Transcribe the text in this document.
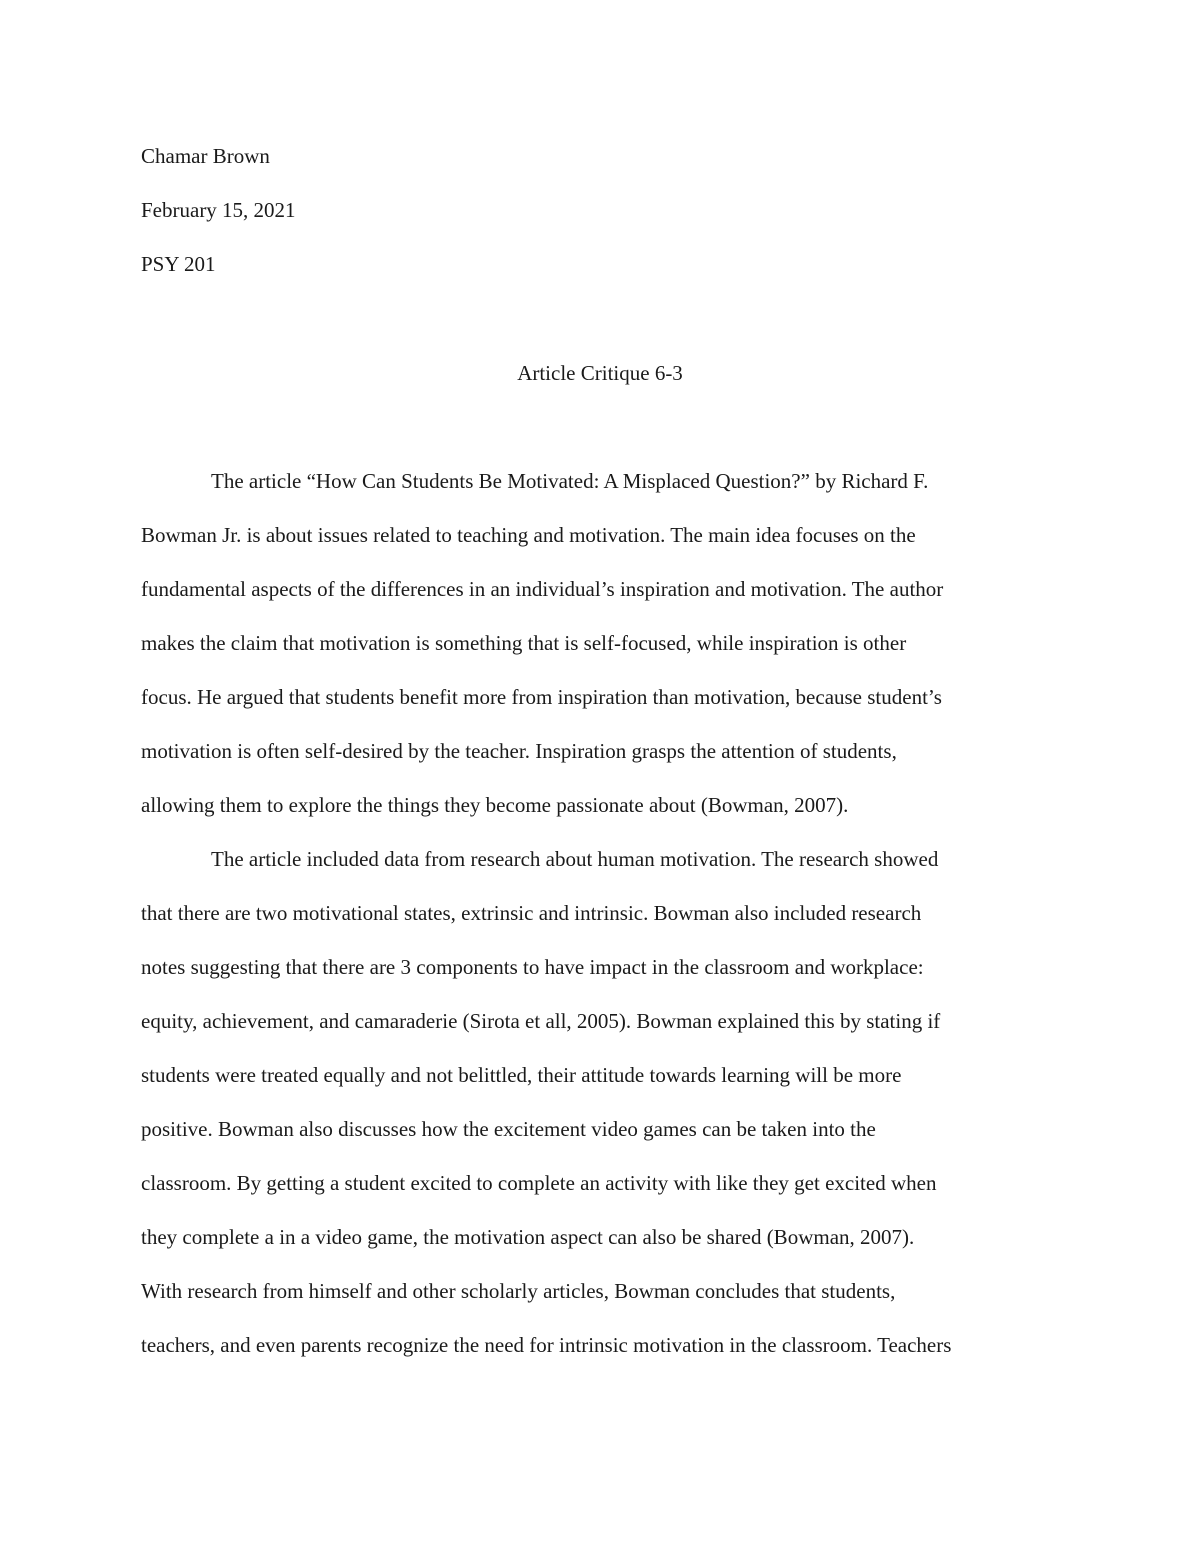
Chamar Brown
February 15, 2021
PSY 201
Article Critique 6-3
The article “How Can Students Be Motivated: A Misplaced Question?” by Richard F.
Bowman Jr. is about issues related to teaching and motivation. The main idea focuses on the
fundamental aspects of the differences in an individual’s inspiration and motivation. The author
makes the claim that motivation is something that is self-focused, while inspiration is other
focus. He argued that students benefit more from inspiration than motivation, because student’s
motivation is often self-desired by the teacher. Inspiration grasps the attention of students,
allowing them to explore the things they become passionate about (Bowman, 2007).
The article included data from research about human motivation. The research showed
that there are two motivational states, extrinsic and intrinsic. Bowman also included research
notes suggesting that there are 3 components to have impact in the classroom and workplace:
equity, achievement, and camaraderie (Sirota et all, 2005). Bowman explained this by stating if
students were treated equally and not belittled, their attitude towards learning will be more
positive. Bowman also discusses how the excitement video games can be taken into the
classroom. By getting a student excited to complete an activity with like they get excited when
they complete a in a video game, the motivation aspect can also be shared (Bowman, 2007).
With research from himself and other scholarly articles, Bowman concludes that students,
teachers, and even parents recognize the need for intrinsic motivation in the classroom. Teachers
